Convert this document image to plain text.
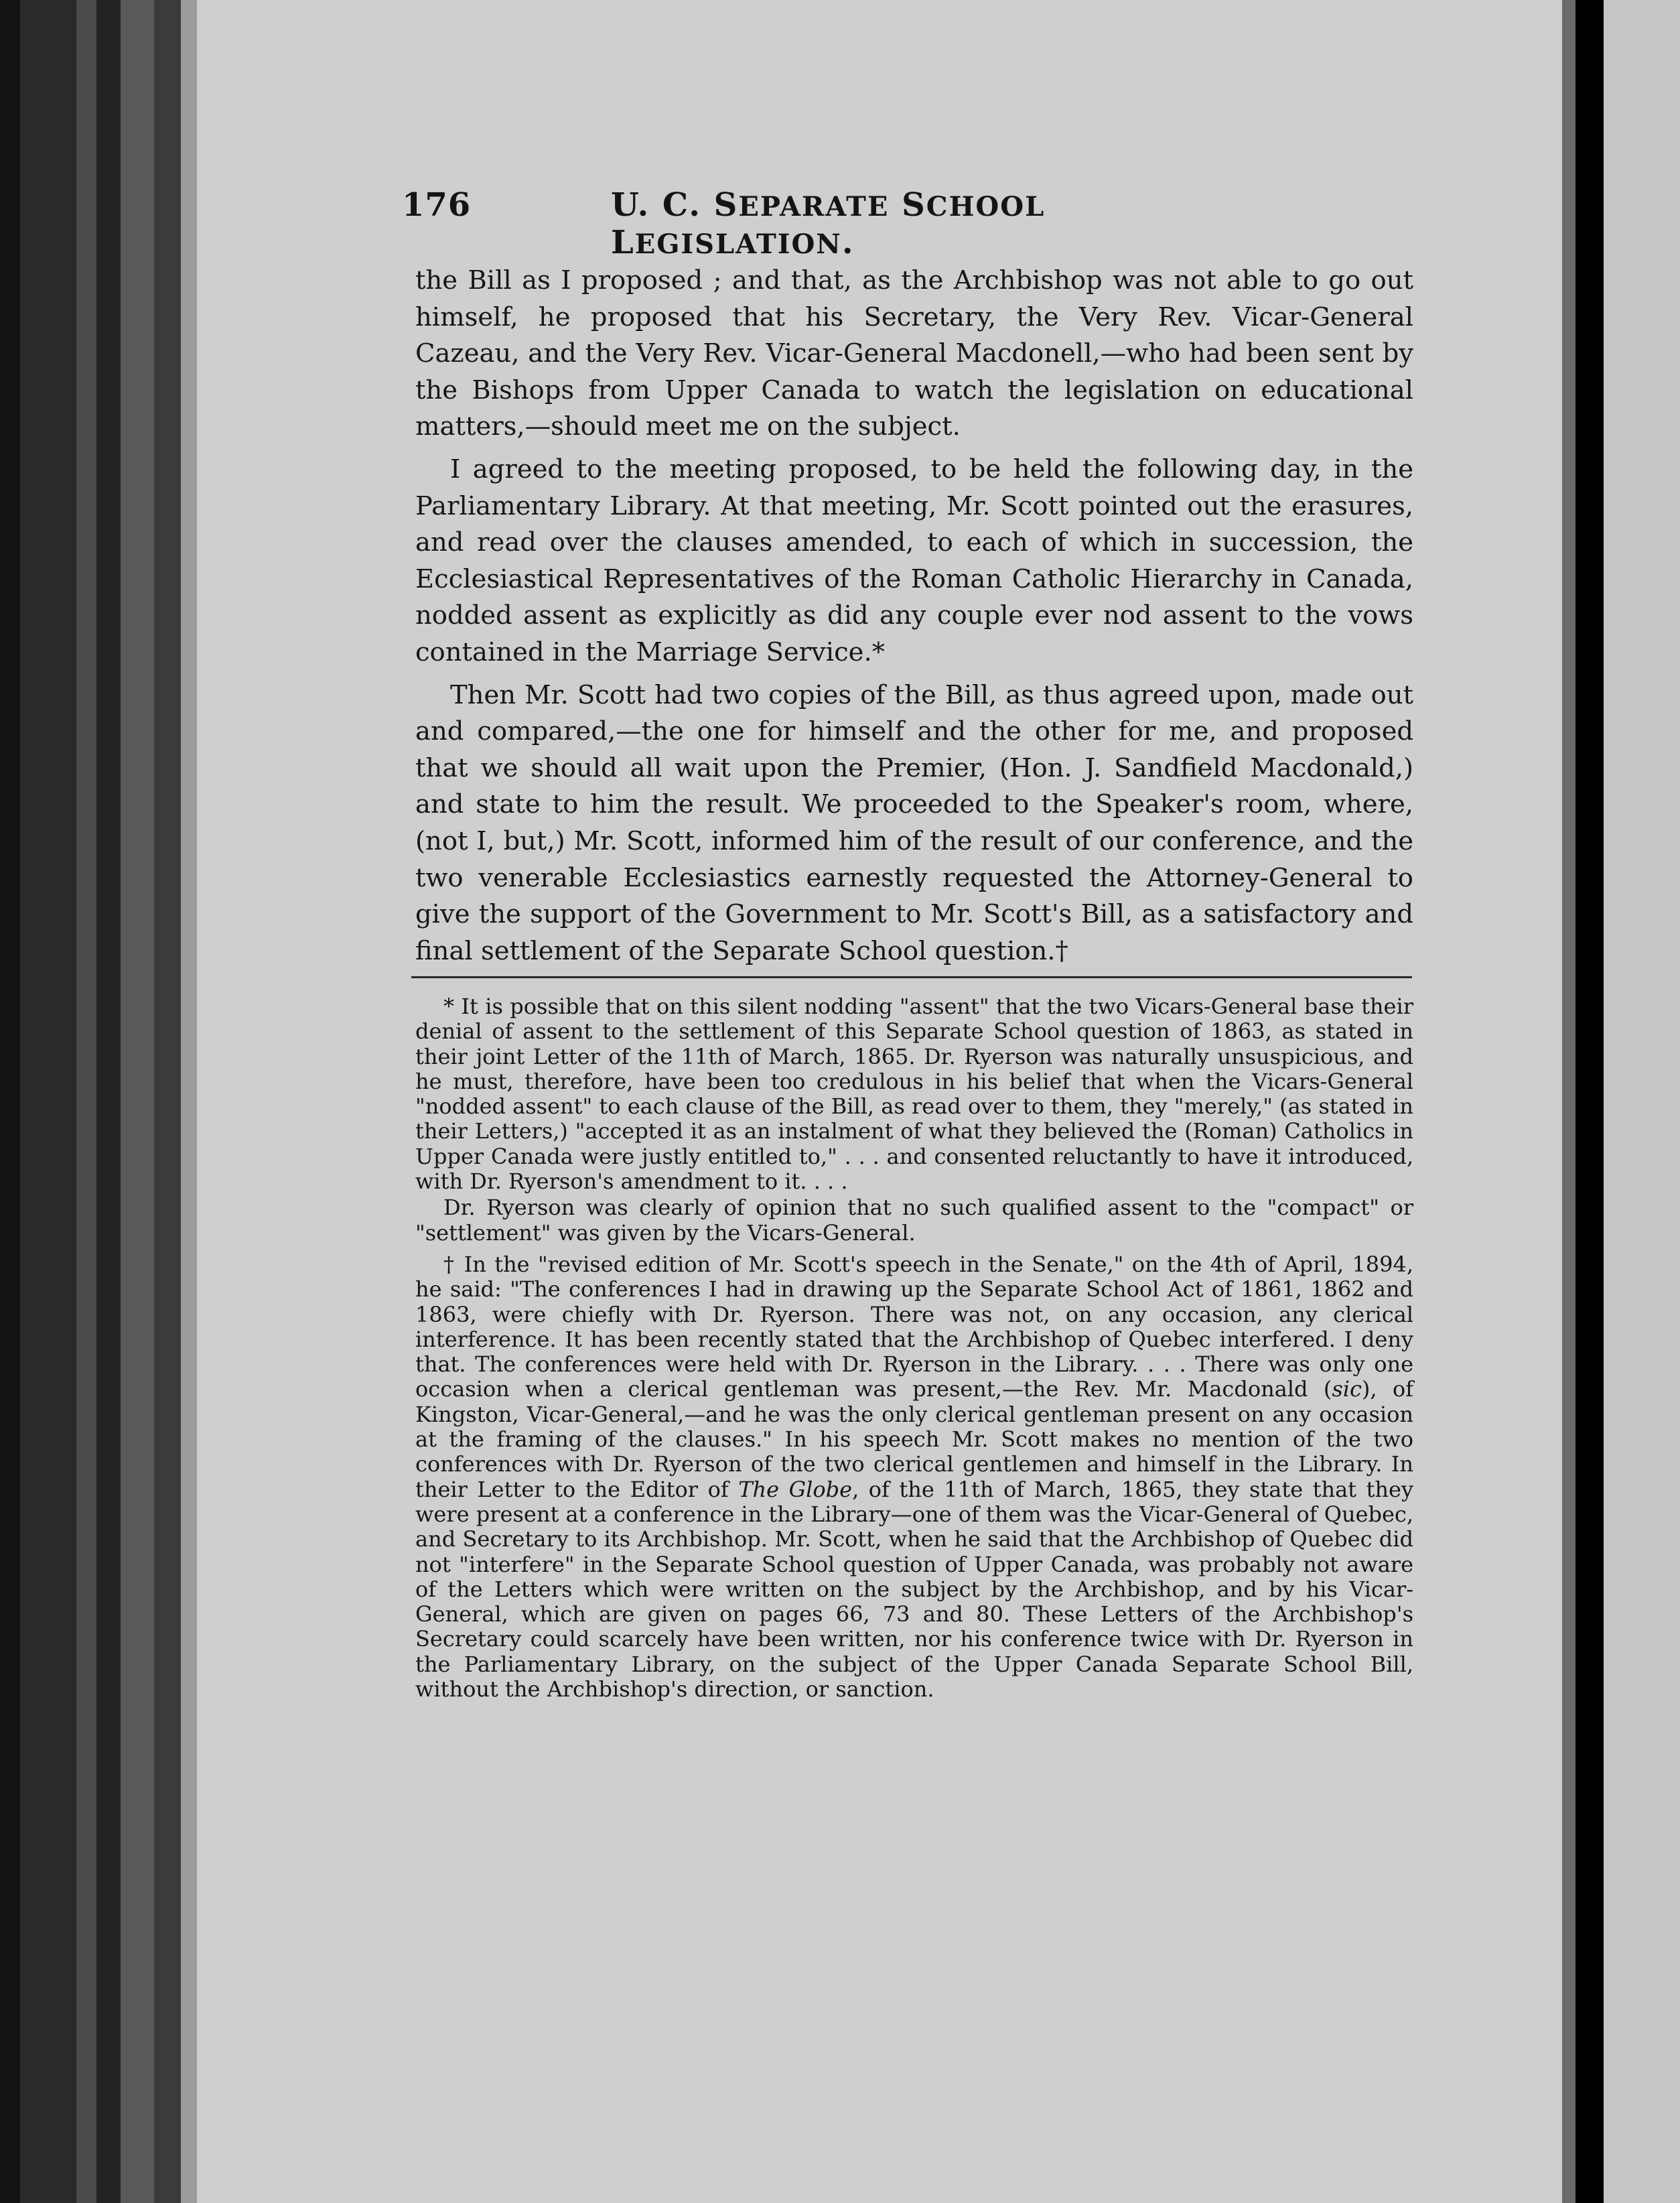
176	U. C. SEPARATE SCHOOL LEGISLATION.

the Bill as I proposed ; and that, as the Archbishop was not able to go out himself, he proposed that his Secretary, the Very Rev. Vicar-General Cazeau, and the Very Rev. Vicar-General Macdonell,—who had been sent by the Bishops from Upper Canada to watch the legislation on educational matters,—should meet me on the subject.

I agreed to the meeting proposed, to be held the following day, in the Parliamentary Library. At that meeting, Mr. Scott pointed out the erasures, and read over the clauses amended, to each of which in succession, the Ecclesiastical Representatives of the Roman Catholic Hierarchy in Canada, nodded assent as explicitly as did any couple ever nod assent to the vows contained in the Marriage Service.*

Then Mr. Scott had two copies of the Bill, as thus agreed upon, made out and compared,—the one for himself and the other for me, and proposed that we should all wait upon the Premier, (Hon. J. Sandfield Macdonald,) and state to him the result. We proceeded to the Speaker's room, where, (not I, but,) Mr. Scott, informed him of the result of our conference, and the two venerable Ecclesiastics earnestly requested the Attorney-General to give the support of the Government to Mr. Scott's Bill, as a satisfactory and final settlement of the Separate School question.†

* It is possible that on this silent nodding "assent" that the two Vicars-General base their denial of assent to the settlement of this Separate School question of 1863, as stated in their joint Letter of the 11th of March, 1865. Dr. Ryerson was naturally unsuspicious, and he must, therefore, have been too credulous in his belief that when the Vicars-General "nodded assent" to each clause of the Bill, as read over to them, they "merely," (as stated in their Letters,) "accepted it as an instalment of what they believed the (Roman) Catholics in Upper Canada were justly entitled to," . . . and consented reluctantly to have it introduced, with Dr. Ryerson's amendment to it. . . .

Dr. Ryerson was clearly of opinion that no such qualified assent to the "compact" or "settlement" was given by the Vicars-General.

† In the "revised edition of Mr. Scott's speech in the Senate," on the 4th of April, 1894, he said: "The conferences I had in drawing up the Separate School Act of 1861, 1862 and 1863, were chiefly with Dr. Ryerson. There was not, on any occasion, any clerical interference. It has been recently stated that the Archbishop of Quebec interfered. I deny that. The conferences were held with Dr. Ryerson in the Library. . . . There was only one occasion when a clerical gentleman was present,—the Rev. Mr. Macdonald (sic), of Kingston, Vicar-General,—and he was the only clerical gentleman present on any occasion at the framing of the clauses." In his speech Mr. Scott makes no mention of the two conferences with Dr. Ryerson of the two clerical gentlemen and himself in the Library. In their Letter to the Editor of The Globe, of the 11th of March, 1865, they state that they were present at a conference in the Library—one of them was the Vicar-General of Quebec, and Secretary to its Archbishop. Mr. Scott, when he said that the Archbishop of Quebec did not "interfere" in the Separate School question of Upper Canada, was probably not aware of the Letters which were written on the subject by the Archbishop, and by his Vicar-General, which are given on pages 66, 73 and 80. These Letters of the Archbishop's Secretary could scarcely have been written, nor his conference twice with Dr. Ryerson in the Parliamentary Library, on the subject of the Upper Canada Separate School Bill, without the Archbishop's direction, or sanction.
